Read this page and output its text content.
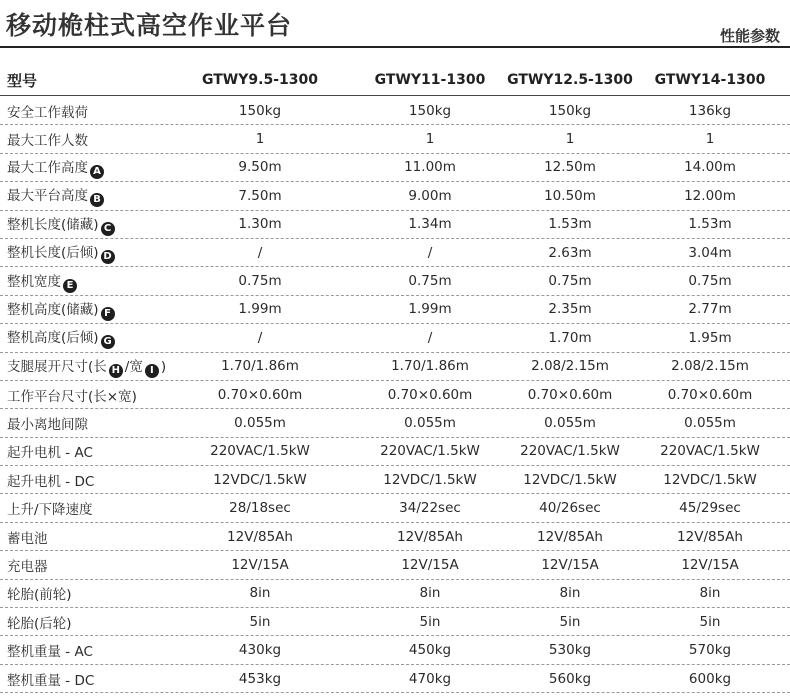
移动桅柱式高空作业平台	性能参数
型号	GTWY9.5-1300	GTWY11-1300	GTWY12.5-1300	GTWY14-1300
安全工作载荷	150kg	150kg	150kg	136kg
最大工作人数	1	1	1	1
最大工作高度 A	9.50m	11.00m	12.50m	14.00m
最大平台高度 B	7.50m	9.00m	10.50m	12.00m
整机长度(储藏) C	1.30m	1.34m	1.53m	1.53m
整机长度(后倾) D	/	/	2.63m	3.04m
整机宽度 E	0.75m	0.75m	0.75m	0.75m
整机高度(储藏) F	1.99m	1.99m	2.35m	2.77m
整机高度(后倾) G	/	/	1.70m	1.95m
支腿展开尺寸(长 H /宽 I )	1.70/1.86m	1.70/1.86m	2.08/2.15m	2.08/2.15m
工作平台尺寸(长×宽)	0.70×0.60m	0.70×0.60m	0.70×0.60m	0.70×0.60m
最小离地间隙	0.055m	0.055m	0.055m	0.055m
起升电机 - AC	220VAC/1.5kW	220VAC/1.5kW	220VAC/1.5kW	220VAC/1.5kW
起升电机 - DC	12VDC/1.5kW	12VDC/1.5kW	12VDC/1.5kW	12VDC/1.5kW
上升/下降速度	28/18sec	34/22sec	40/26sec	45/29sec
蓄电池	12V/85Ah	12V/85Ah	12V/85Ah	12V/85Ah
充电器	12V/15A	12V/15A	12V/15A	12V/15A
轮胎(前轮)	8in	8in	8in	8in
轮胎(后轮)	5in	5in	5in	5in
整机重量 - AC	430kg	450kg	530kg	570kg
整机重量 - DC	453kg	470kg	560kg	600kg
